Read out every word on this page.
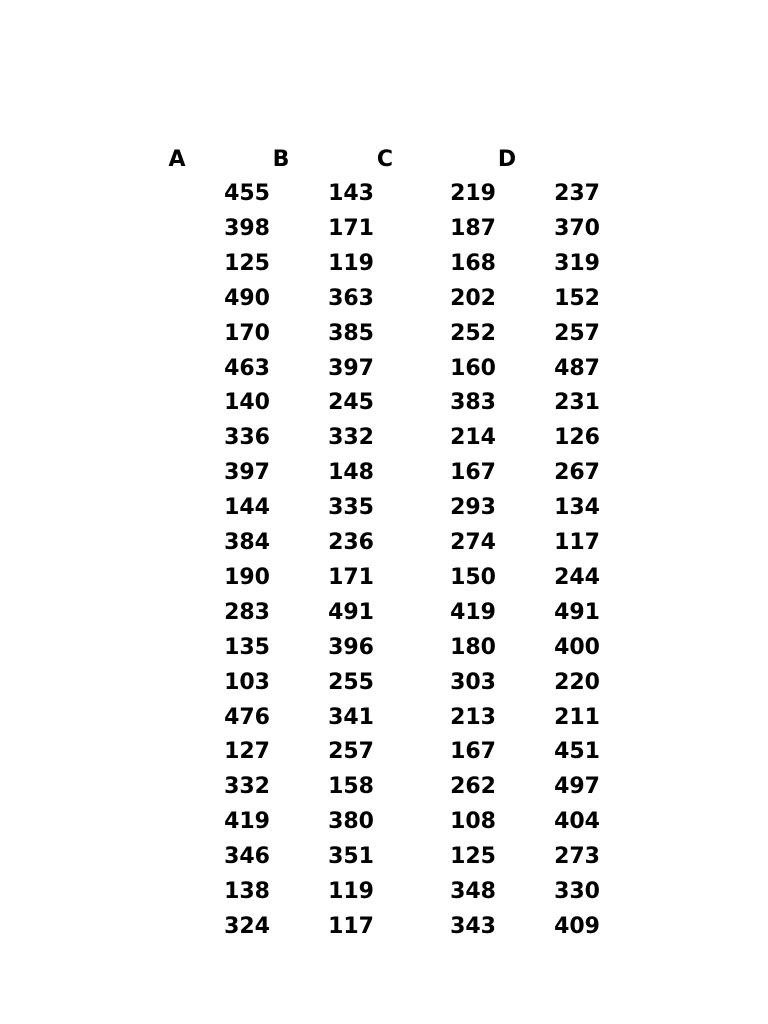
A	B	C	D
455	143	219	237
398	171	187	370
125	119	168	319
490	363	202	152
170	385	252	257
463	397	160	487
140	245	383	231
336	332	214	126
397	148	167	267
144	335	293	134
384	236	274	117
190	171	150	244
283	491	419	491
135	396	180	400
103	255	303	220
476	341	213	211
127	257	167	451
332	158	262	497
419	380	108	404
346	351	125	273
138	119	348	330
324	117	343	409
